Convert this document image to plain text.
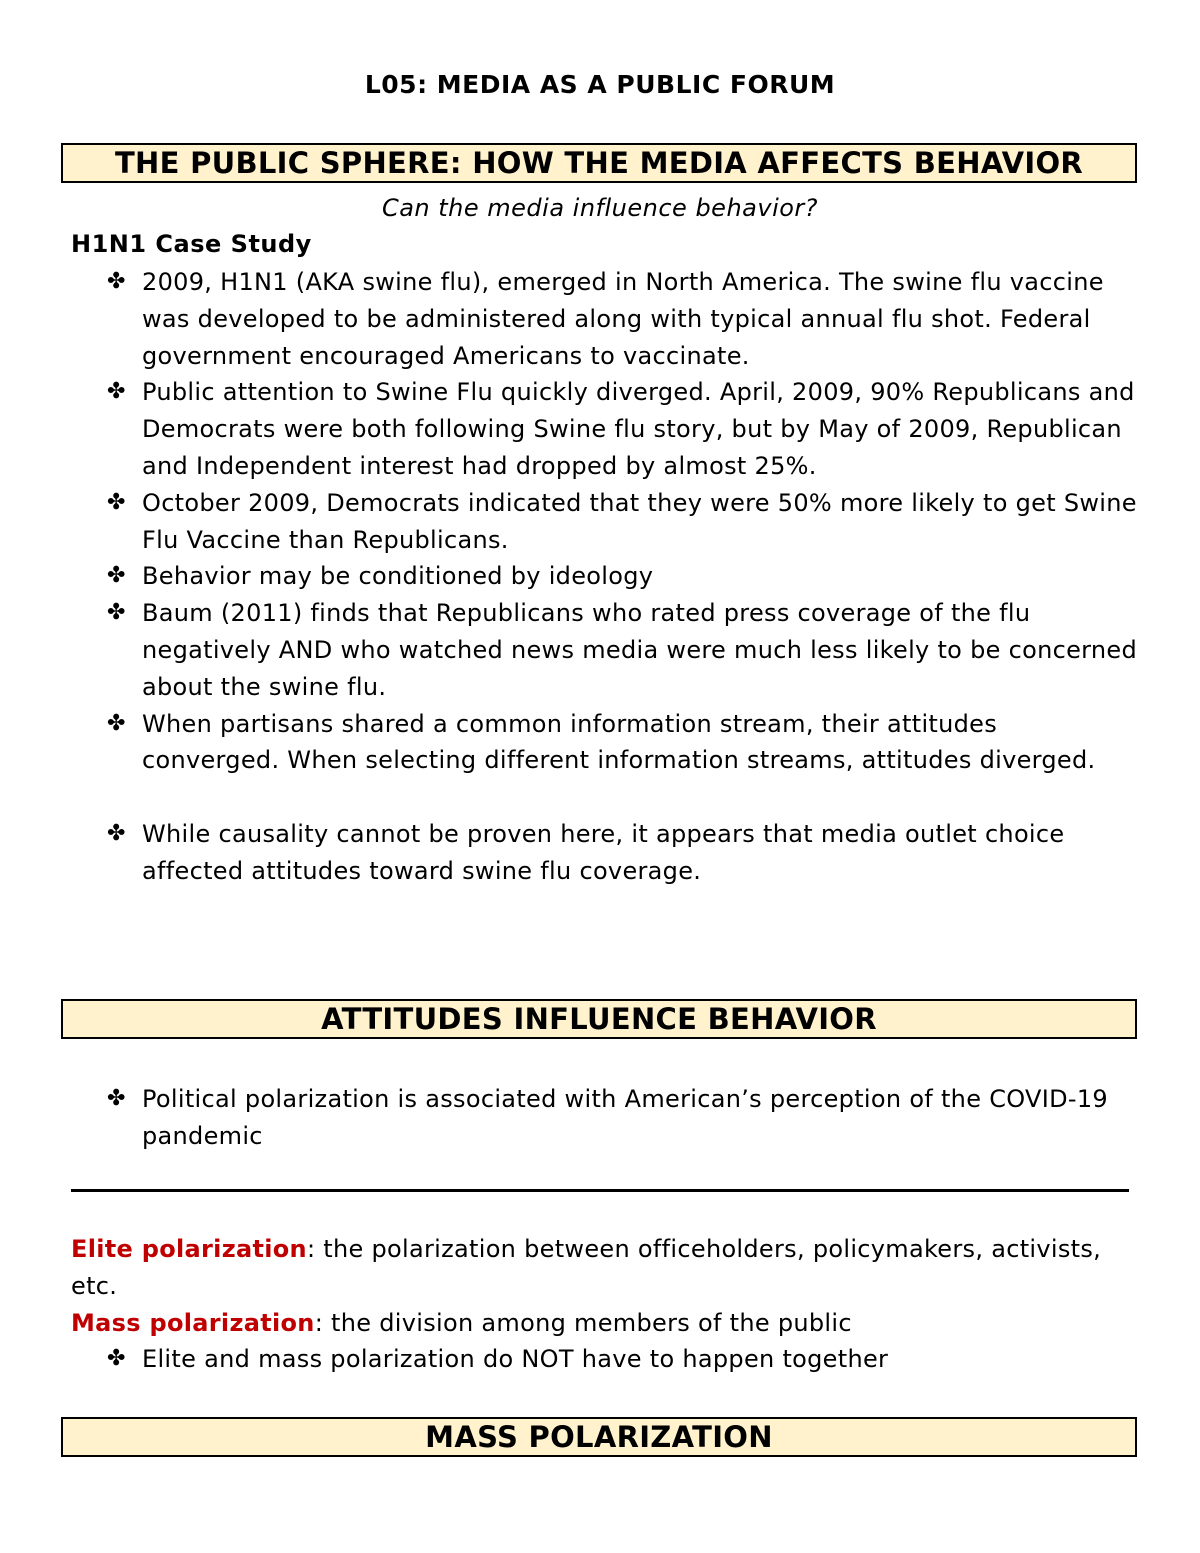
L05: MEDIA AS A PUBLIC FORUM
THE PUBLIC SPHERE: HOW THE MEDIA AFFECTS BEHAVIOR
Can the media influence behavior?
H1N1 Case Study
✤ 2009, H1N1 (AKA swine flu), emerged in North America. The swine flu vaccine was developed to be administered along with typical annual flu shot. Federal government encouraged Americans to vaccinate.
✤ Public attention to Swine Flu quickly diverged. April, 2009, 90% Republicans and Democrats were both following Swine flu story, but by May of 2009, Republican and Independent interest had dropped by almost 25%.
✤ October 2009, Democrats indicated that they were 50% more likely to get Swine Flu Vaccine than Republicans.
✤ Behavior may be conditioned by ideology
✤ Baum (2011) finds that Republicans who rated press coverage of the flu negatively AND who watched news media were much less likely to be concerned about the swine flu.
✤ When partisans shared a common information stream, their attitudes converged. When selecting different information streams, attitudes diverged.
✤ While causality cannot be proven here, it appears that media outlet choice affected attitudes toward swine flu coverage.
ATTITUDES INFLUENCE BEHAVIOR
✤ Political polarization is associated with American’s perception of the COVID-19 pandemic

Elite polarization: the polarization between officeholders, policymakers, activists, etc.

Mass polarization: the division among members of the public

✤ Elite and mass polarization do NOT have to happen together
MASS POLARIZATION
